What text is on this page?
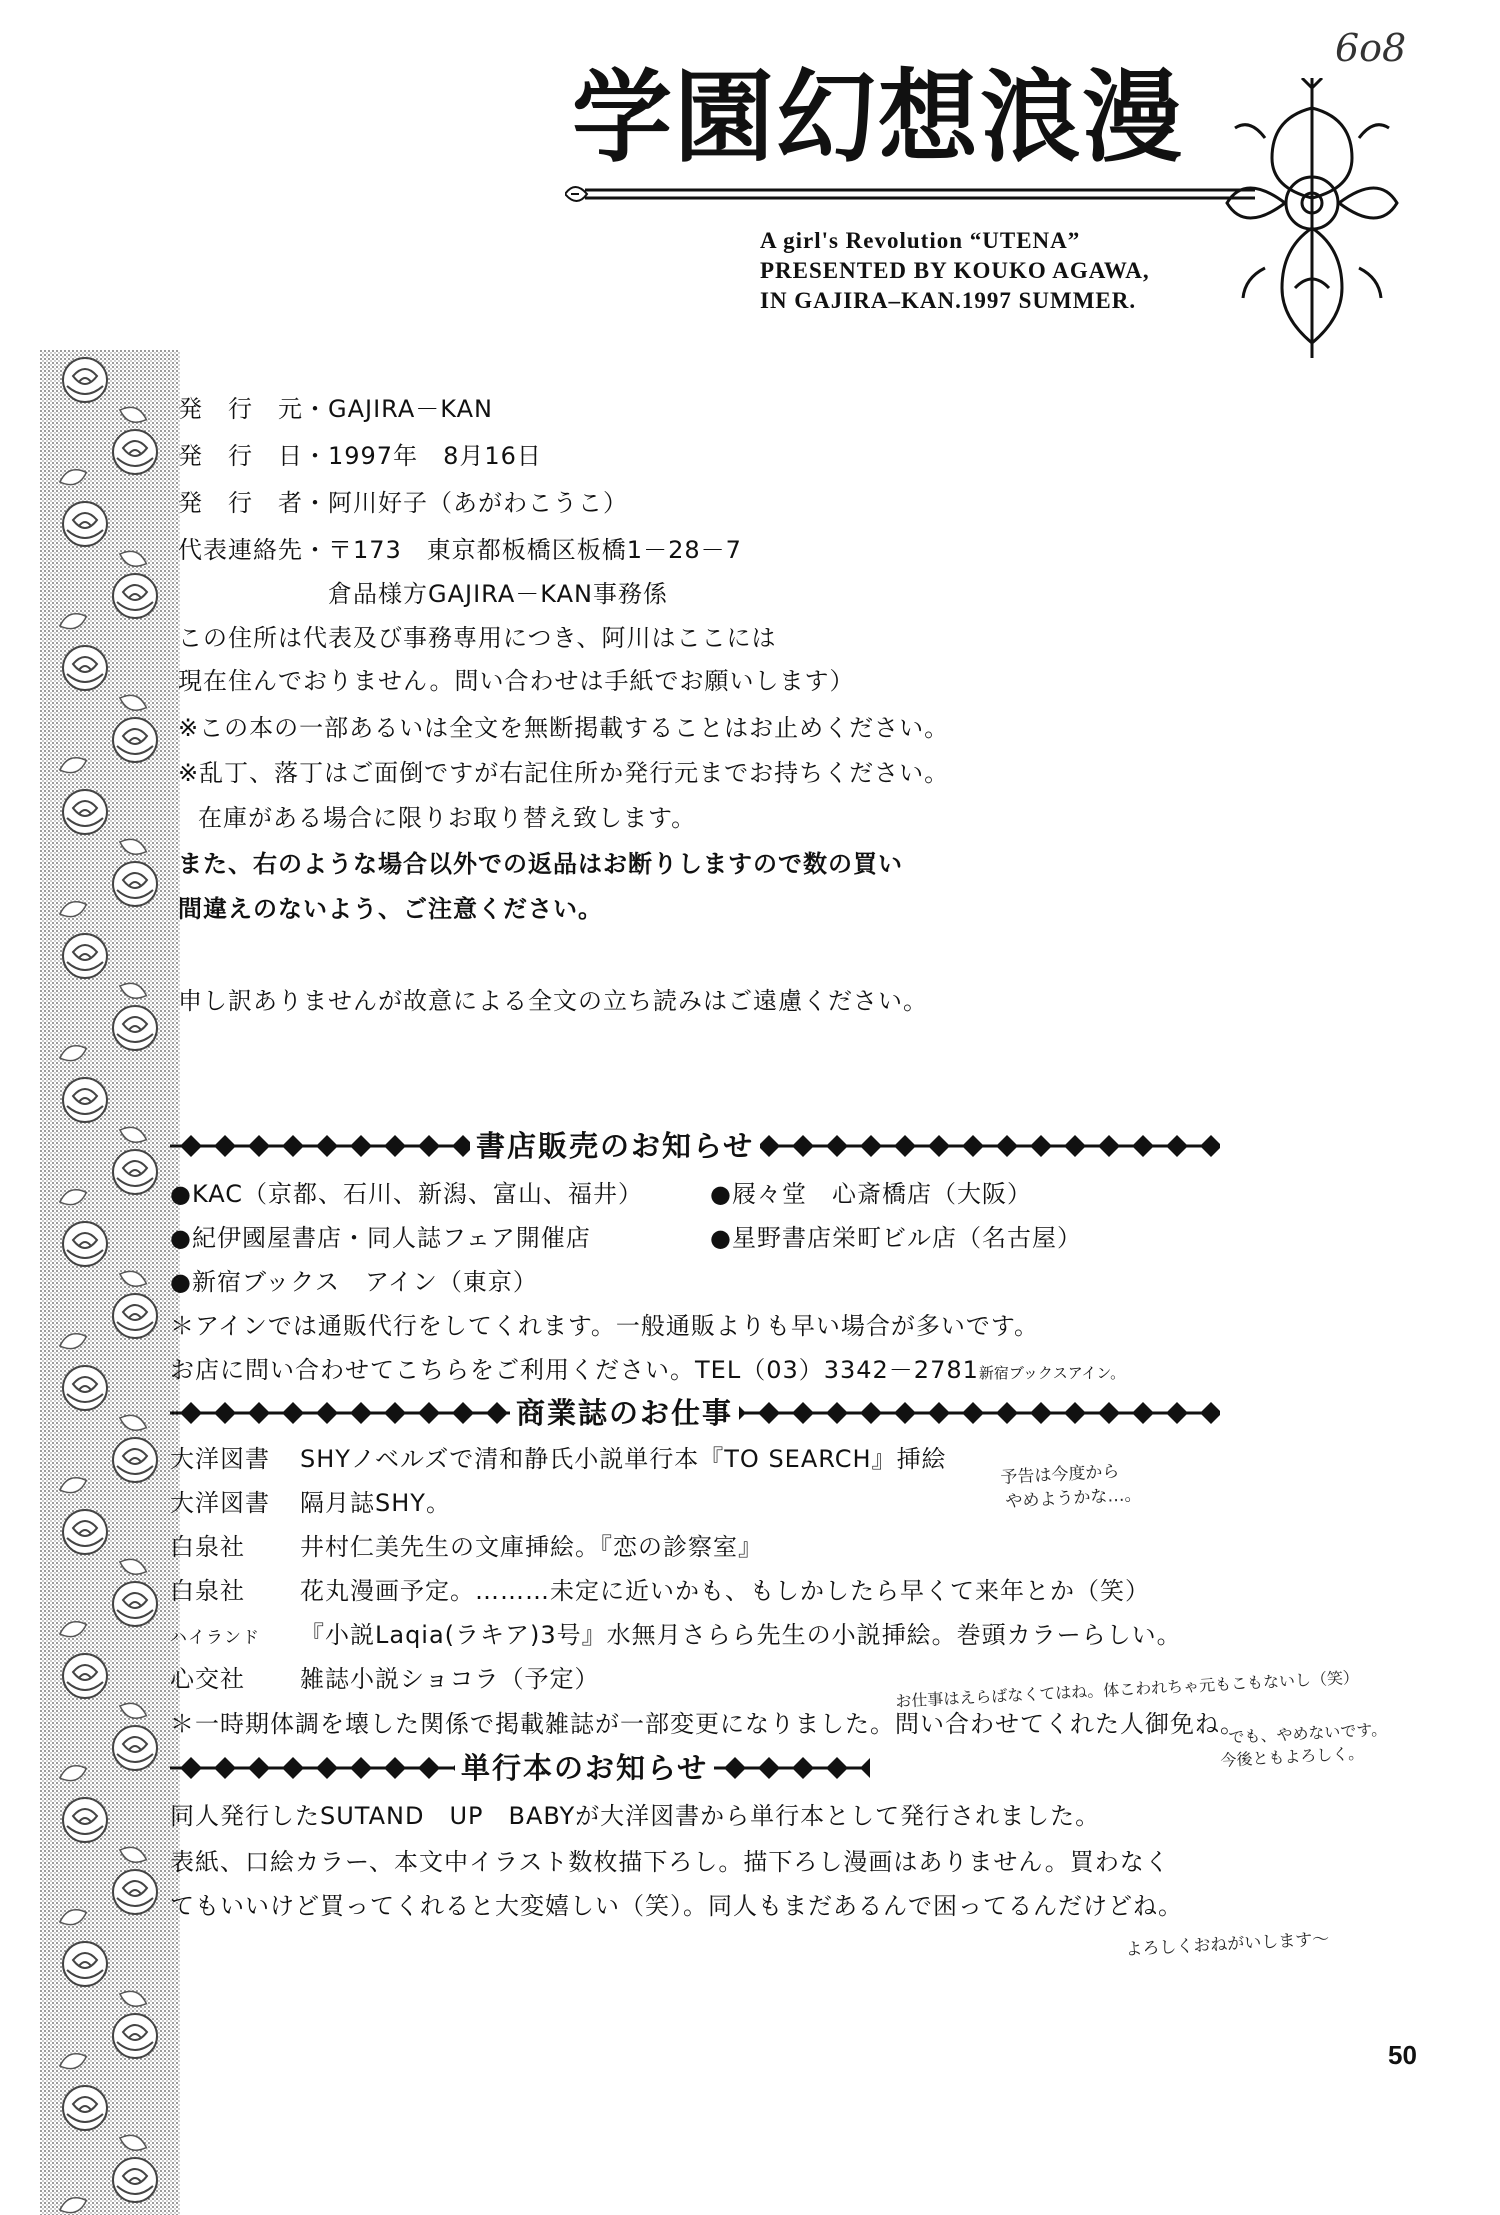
学園幻想浪漫
6o8
A girl's Revolution “UTENA”
PRESENTED BY KOUKO AGAWA,
IN GAJIRA–KAN.1997 SUMMER.
発　行　元・GAJIRA－KAN
発　行　日・1997年　8月16日
発　行　者・阿川好子（あがわこうこ）
代表連絡先・〒173　東京都板橋区板橋1－28－7
倉品様方GAJIRA－KAN事務係
この住所は代表及び事務専用につき、阿川はここには
現在住んでおりません。問い合わせは手紙でお願いします）
※この本の一部あるいは全文を無断掲載することはお止めください。
※乱丁、落丁はご面倒ですが右記住所か発行元までお持ちください。
在庫がある場合に限りお取り替え致します。
また、右のような場合以外での返品はお断りしますので数の買い
間違えのないよう、ご注意ください。
申し訳ありませんが故意による全文の立ち読みはご遠慮ください。
書店販売のお知らせ
●KAC（京都、石川、新潟、富山、福井）	●屐々堂　心斎橋店（大阪）
●紀伊國屋書店・同人誌フェア開催店	●星野書店栄町ビル店（名古屋）
●新宿ブックス　アイン（東京）
＊アインでは通販代行をしてくれます。一般通販よりも早い場合が多いです。
お店に問い合わせてこちらをご利用ください。TEL（03）3342－2781新宿ブックスアイン。
商業誌のお仕事
大洋図書 SHYノベルズで清和静氏小説単行本『TO SEARCH』挿絵
大洋図書 隔月誌SHY。
白泉社 井村仁美先生の文庫挿絵。『恋の診察室』
白泉社 花丸漫画予定。………未定に近いかも、もしかしたら早くて来年とか（笑）
ハイランド 『小説Laqia(ラキア)3号』水無月さらら先生の小説挿絵。巻頭カラーらしい。
心交社 雑誌小説ショコラ（予定）
＊一時期体調を壊した関係で掲載雑誌が一部変更になりました。問い合わせてくれた人御免ね。
予告は今度から
やめようかな…。
お仕事はえらばなくてはね。体こわれちゃ元もこもないし（笑）
でも、やめないです。
今後ともよろしく。
単行本のお知らせ
同人発行したSUTAND　UP　BABYが大洋図書から単行本として発行されました。
表紙、口絵カラー、本文中イラスト数枚描下ろし。描下ろし漫画はありません。買わなく
てもいいけど買ってくれると大変嬉しい（笑）。同人もまだあるんで困ってるんだけどね。
よろしくおねがいします～
50
